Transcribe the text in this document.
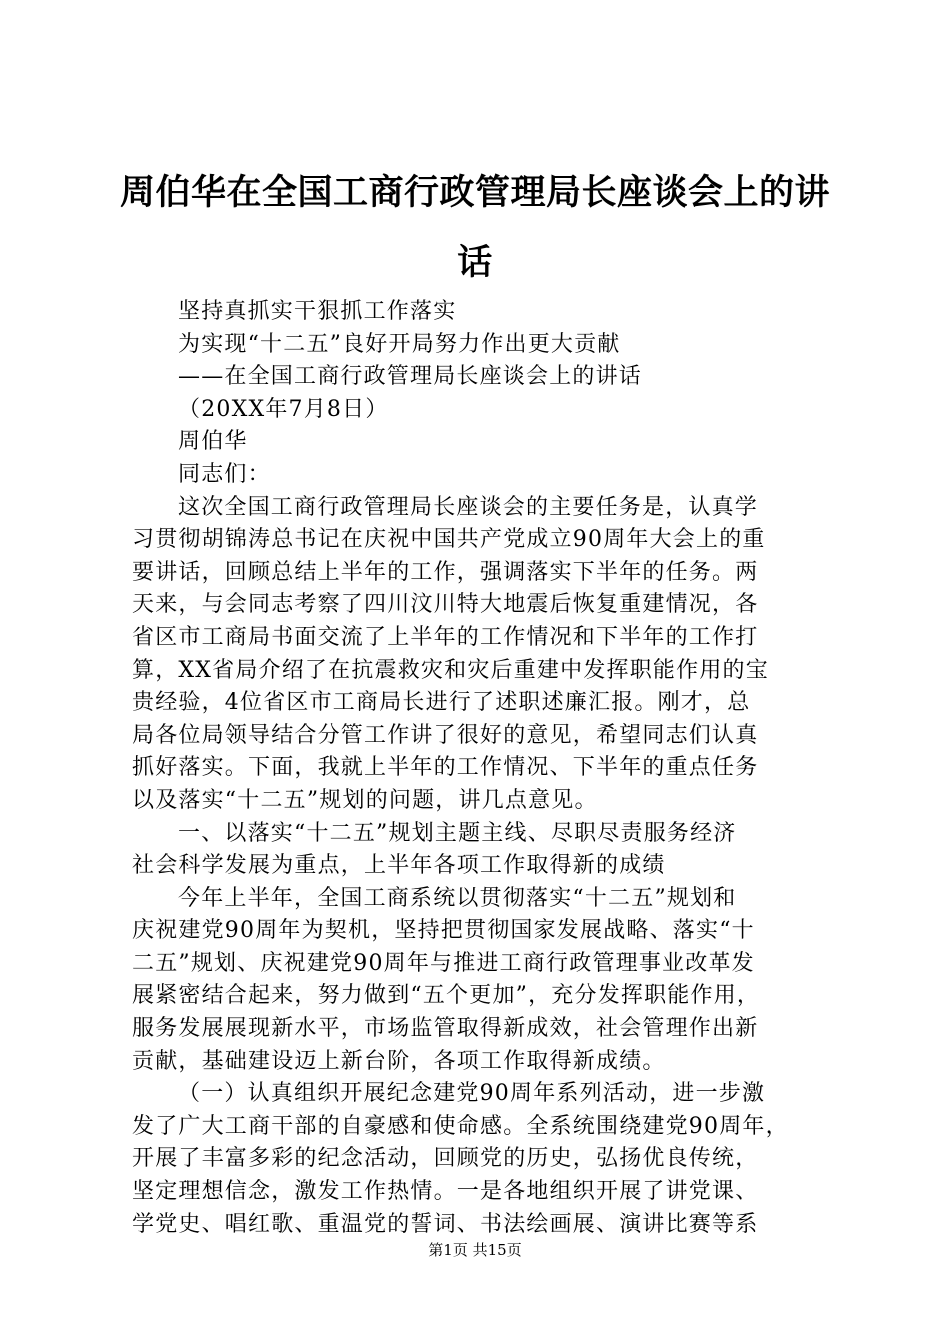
周伯华在全国工商行政管理局长座谈会上的讲
话
坚持真抓实干狠抓工作落实
为实现“十二五”良好开局努力作出更大贡献
——在全国工商行政管理局长座谈会上的讲话
（20XX年7月8日）
周伯华
同志们：
这次全国工商行政管理局长座谈会的主要任务是，认真学
习贯彻胡锦涛总书记在庆祝中国共产党成立90周年大会上的重
要讲话，回顾总结上半年的工作，强调落实下半年的任务。两
天来，与会同志考察了四川汶川特大地震后恢复重建情况，各
省区市工商局书面交流了上半年的工作情况和下半年的工作打
算，XX省局介绍了在抗震救灾和灾后重建中发挥职能作用的宝
贵经验，4位省区市工商局长进行了述职述廉汇报。刚才，总
局各位局领导结合分管工作讲了很好的意见，希望同志们认真
抓好落实。下面，我就上半年的工作情况、下半年的重点任务
以及落实“十二五”规划的问题，讲几点意见。
一、以落实“十二五”规划主题主线、尽职尽责服务经济
社会科学发展为重点，上半年各项工作取得新的成绩
今年上半年，全国工商系统以贯彻落实“十二五”规划和
庆祝建党90周年为契机，坚持把贯彻国家发展战略、落实“十
二五”规划、庆祝建党90周年与推进工商行政管理事业改革发
展紧密结合起来，努力做到“五个更加”，充分发挥职能作用，
服务发展展现新水平，市场监管取得新成效，社会管理作出新
贡献，基础建设迈上新台阶，各项工作取得新成绩。
（一）认真组织开展纪念建党90周年系列活动，进一步激
发了广大工商干部的自豪感和使命感。全系统围绕建党90周年，
开展了丰富多彩的纪念活动，回顾党的历史，弘扬优良传统，
坚定理想信念，激发工作热情。一是各地组织开展了讲党课、
学党史、唱红歌、重温党的誓词、书法绘画展、演讲比赛等系
第1页 共15页
